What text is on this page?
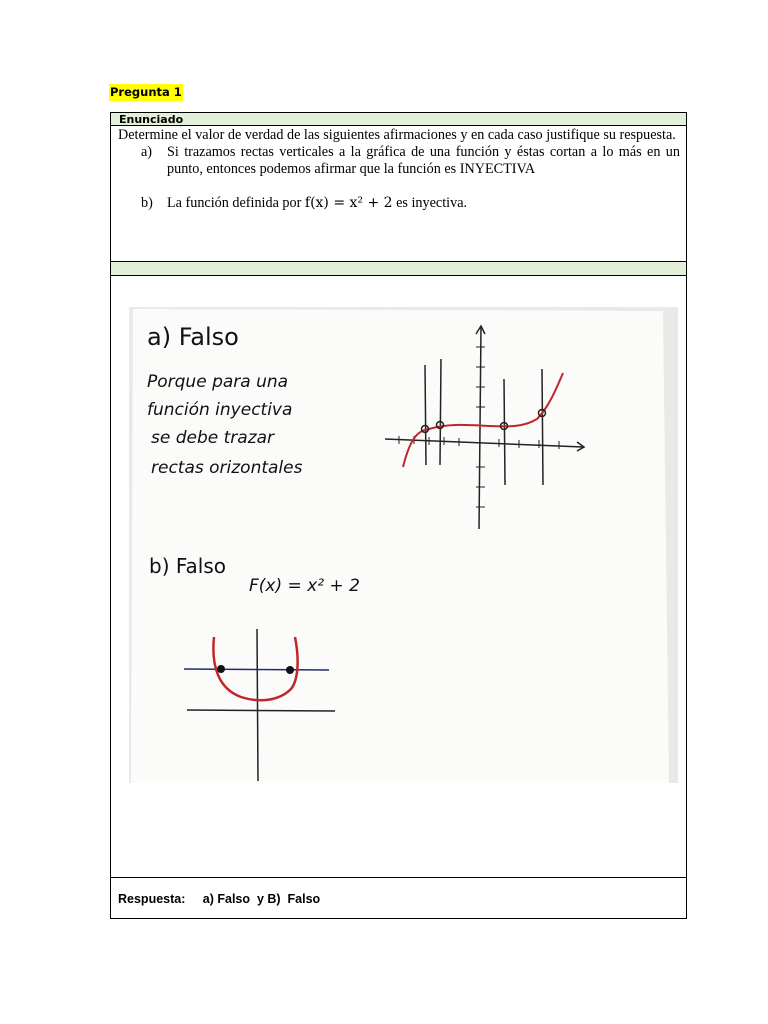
Pregunta 1
Enunciado

Determine el valor de verdad de las siguientes afirmaciones y en cada caso justifique su respuesta.

a) Si trazamos rectas verticales a la gráfica de una función y éstas cortan a lo más en un punto, entonces podemos afirmar que la función es INYECTIVA
b) La función definida por f(x) = x² + 2 es inyectiva.
a) Falso
Porque para una
función inyectiva
se debe trazar
rectas orizontales
b) Falso
F(x) = x² + 2
Respuesta: a) Falso  y B)  Falso
